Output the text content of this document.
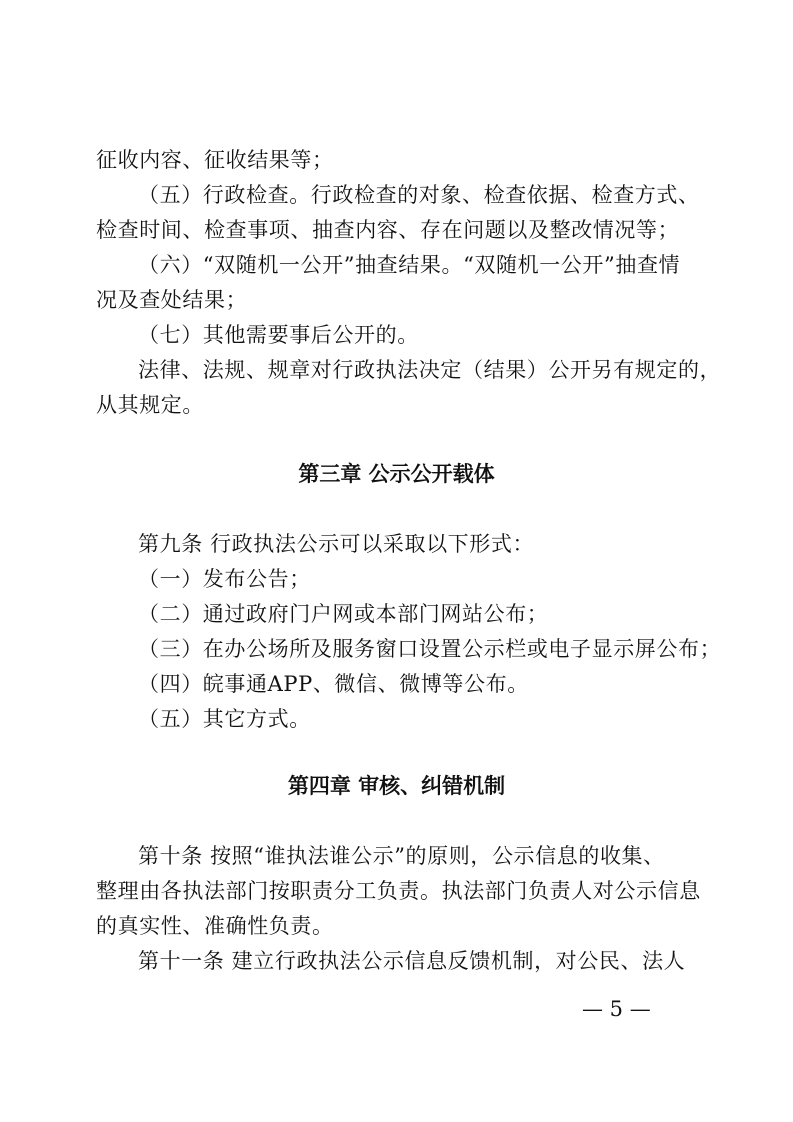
征收内容、征收结果等；
（五）行政检查。行政检查的对象、检查依据、检查方式、
检查时间、检查事项、抽查内容、存在问题以及整改情况等；
（六）“双随机一公开”抽查结果。“双随机一公开”抽查情
况及查处结果；
（七）其他需要事后公开的。
法律、法规、规章对行政执法决定（结果）公开另有规定的，
从其规定。
第三章 公示公开载体
第九条 行政执法公示可以采取以下形式：
（一）发布公告；
（二）通过政府门户网或本部门网站公布；
（三）在办公场所及服务窗口设置公示栏或电子显示屏公布；
（四）皖事通APP、微信、微博等公布。
（五）其它方式。
第四章 审核、纠错机制
第十条 按照“谁执法谁公示”的原则，公示信息的收集、
整理由各执法部门按职责分工负责。执法部门负责人对公示信息
的真实性、准确性负责。
第十一条 建立行政执法公示信息反馈机制，对公民、法人
— 5 —
